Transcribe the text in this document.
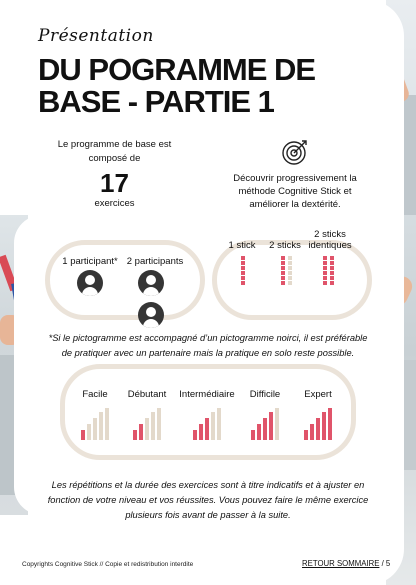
Présentation
DU POGRAMME DE BASE - PARTIE 1
Le programme de base est composé de
17
exercices
Découvrir progressivement la méthode Cognitive Stick et améliorer la dextérité.
1 participant* 2 participants
1 stick	2 sticks
2 sticks identiques
*Si le pictogramme est accompagné d’un pictogramme noirci, il est préférable de pratiquer avec un partenaire mais la pratique en solo reste possible.
Facile	Débutant	Intermédiaire	Difficile	Expert
Les répétitions et la durée des exercices sont à titre indicatifs et à ajuster en fonction de votre niveau et vos réussites. Vous pouvez faire le même exercice plusieurs fois avant de passer à la suite.
Copyrights Cognitive Stick // Copie et redistribution interdite	RETOUR SOMMAIRE / 5
